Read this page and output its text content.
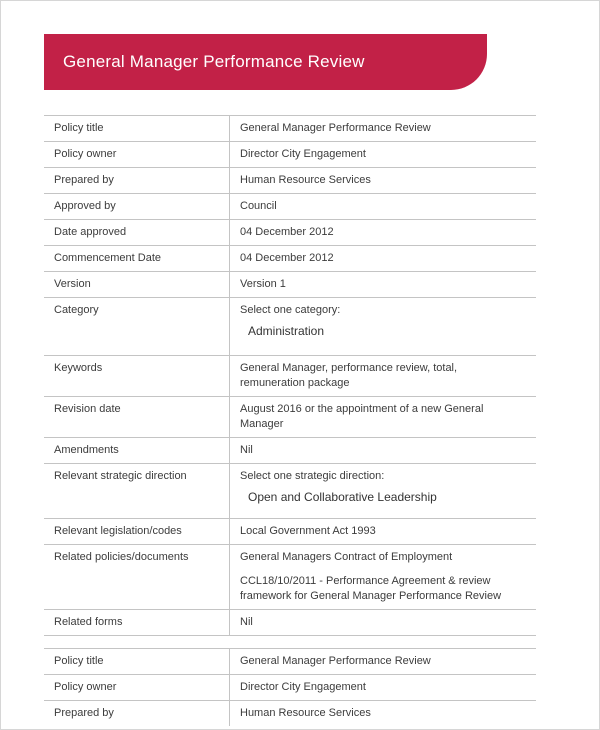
General Manager Performance Review
Policy title	General Manager Performance Review
Policy owner	Director City Engagement
Prepared by	Human Resource Services
Approved by	Council
Date approved	04 December 2012
Commencement Date	04 December 2012
Version	Version 1
Category	Select one category:
Administration
Keywords	General Manager, performance review, total, remuneration package
Revision date	August 2016 or the appointment of a new General Manager
Amendments	Nil
Relevant strategic direction	Select one strategic direction:
Open and Collaborative Leadership
Relevant legislation/codes	Local Government Act 1993
Related policies/documents	General Managers Contract of Employment
CCL18/10/2011 - Performance Agreement & review framework for General Manager Performance Review
Related forms	Nil
Policy title	General Manager Performance Review
Policy owner	Director City Engagement
Prepared by	Human Resource Services
